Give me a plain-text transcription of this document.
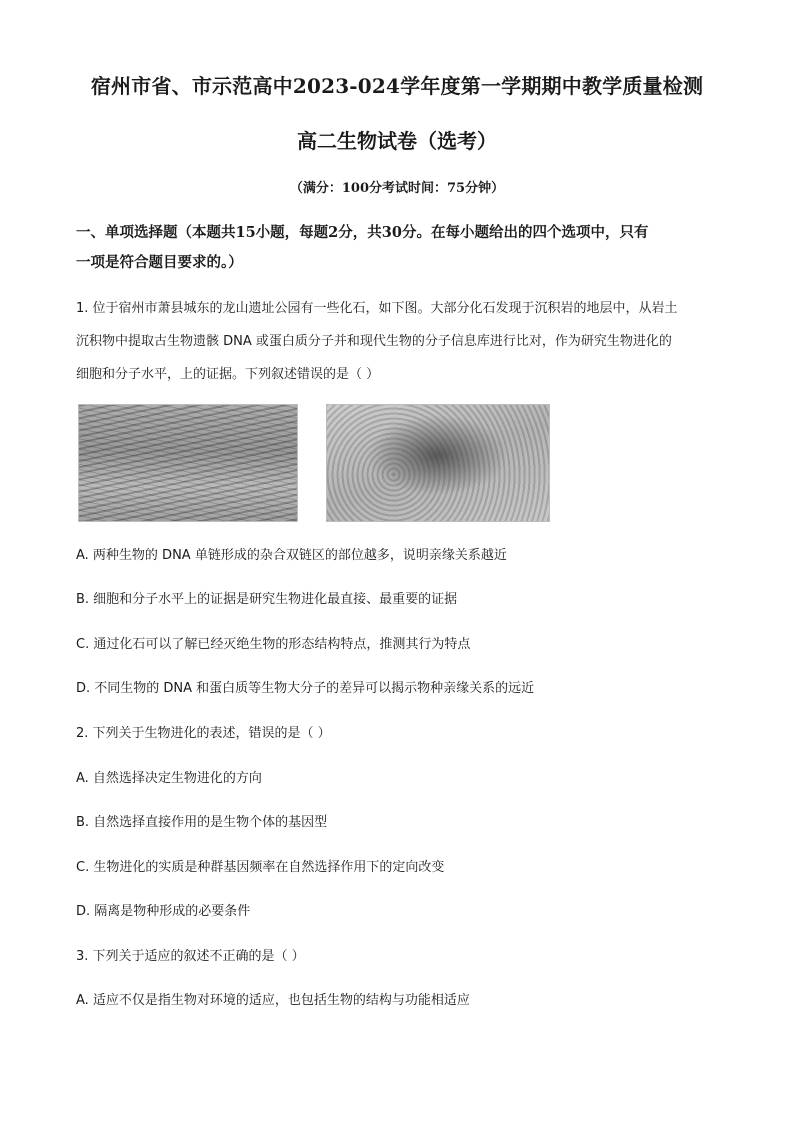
宿州市省、市示范高中2023-024学年度第一学期期中教学质量检测
高二生物试卷（选考）
（满分：100分考试时间：75分钟）
一、单项选择题（本题共15小题，每题2分，共30分。在每小题给出的四个选项中，只有
一项是符合题目要求的。）
1. 位于宿州市萧县城东的龙山遗址公园有一些化石，如下图。大部分化石发现于沉积岩的地层中，从岩土
沉积物中提取古生物遗骸 DNA 或蛋白质分子并和现代生物的分子信息库进行比对，作为研究生物进化的
细胞和分子水平，上的证据。下列叙述错误的是（ ）
A. 两种生物的 DNA 单链形成的杂合双链区的部位越多，说明亲缘关系越近
B. 细胞和分子水平上的证据是研究生物进化最直接、最重要的证据
C. 通过化石可以了解已经灭绝生物的形态结构特点，推测其行为特点
D. 不同生物的 DNA 和蛋白质等生物大分子的差异可以揭示物种亲缘关系的远近
2. 下列关于生物进化的表述，错误的是（ ）
A. 自然选择决定生物进化的方向
B. 自然选择直接作用的是生物个体的基因型
C. 生物进化的实质是种群基因频率在自然选择作用下的定向改变
D. 隔离是物种形成的必要条件
3. 下列关于适应的叙述不正确的是（ ）
A. 适应不仅是指生物对环境的适应，也包括生物的结构与功能相适应
